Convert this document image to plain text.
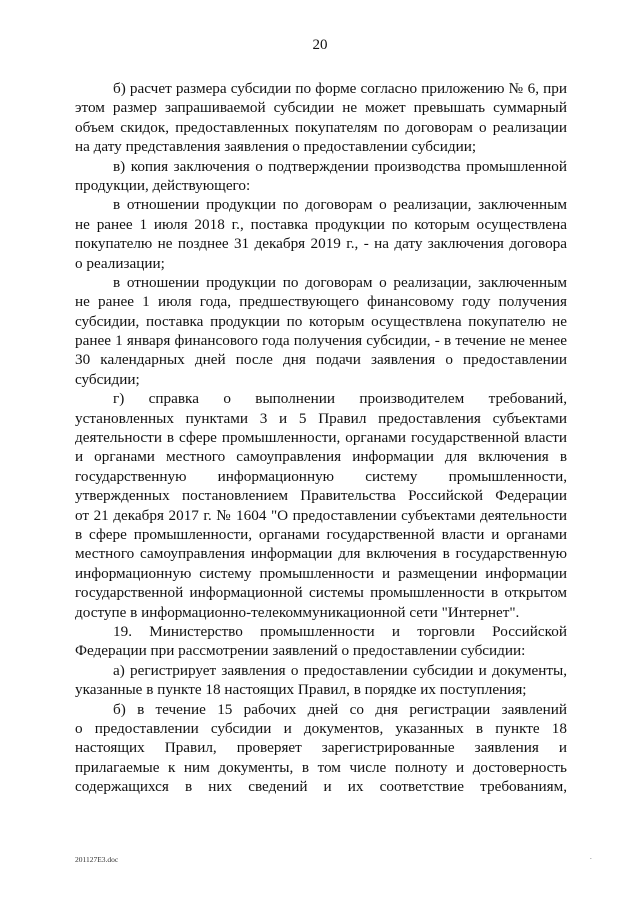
20
б) расчет размера субсидии по форме согласно приложению № 6, при
этом размер запрашиваемой субсидии не может превышать суммарный
объем скидок, предоставленных покупателям по договорам о реализации
на дату представления заявления о предоставлении субсидии;
в) копия заключения о подтверждении производства промышленной
продукции, действующего:
в отношении продукции по договорам о реализации, заключенным
не ранее 1 июля 2018 г., поставка продукции по которым осуществлена
покупателю не позднее 31 декабря 2019 г., - на дату заключения договора
о реализации;
в отношении продукции по договорам о реализации, заключенным
не ранее 1 июля года, предшествующего финансовому году получения
субсидии, поставка продукции по которым осуществлена покупателю не
ранее 1 января финансового года получения субсидии, - в течение не менее
30 календарных дней после дня подачи заявления о предоставлении
субсидии;
г) справка о выполнении производителем требований,
установленных пунктами 3 и 5 Правил предоставления субъектами
деятельности в сфере промышленности, органами государственной власти
и органами местного самоуправления информации для включения в
государственную информационную систему промышленности,
утвержденных постановлением Правительства Российской Федерации
от 21 декабря 2017 г. № 1604 "О предоставлении субъектами деятельности
в сфере промышленности, органами государственной власти и органами
местного самоуправления информации для включения в государственную
информационную систему промышленности и размещении информации
государственной информационной системы промышленности в открытом
доступе в информационно-телекоммуникационной сети "Интернет".
19. Министерство промышленности и торговли Российской
Федерации при рассмотрении заявлений о предоставлении субсидии:
а) регистрирует заявления о предоставлении субсидии и документы,
указанные в пункте 18 настоящих Правил, в порядке их поступления;
б) в течение 15 рабочих дней со дня регистрации заявлений
о предоставлении субсидии и документов, указанных в пункте 18
настоящих Правил, проверяет зарегистрированные заявления и
прилагаемые к ним документы, в том числе полноту и достоверность
содержащихся в них сведений и их соответствие требованиям,
201127E3.doc	.
